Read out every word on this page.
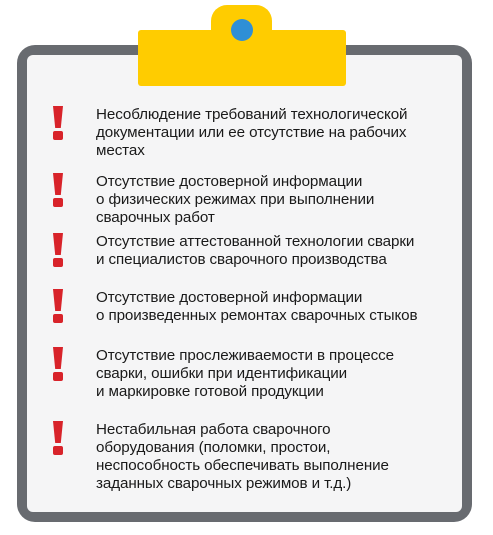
Несоблюдение требований технологической
документации или ее отсутствие на рабочих
местах
Отсутствие достоверной информации
о физических режимах при выполнении
сварочных работ
Отсутствие аттестованной технологии сварки
и специалистов сварочного производства
Отсутствие достоверной информации
о произведенных ремонтах сварочных стыков
Отсутствие прослеживаемости в процессе
сварки, ошибки при идентификации
и маркировке готовой продукции
Нестабильная работа сварочного
оборудования (поломки, простои,
неспособность обеспечивать выполнение
заданных сварочных режимов и т.д.)
